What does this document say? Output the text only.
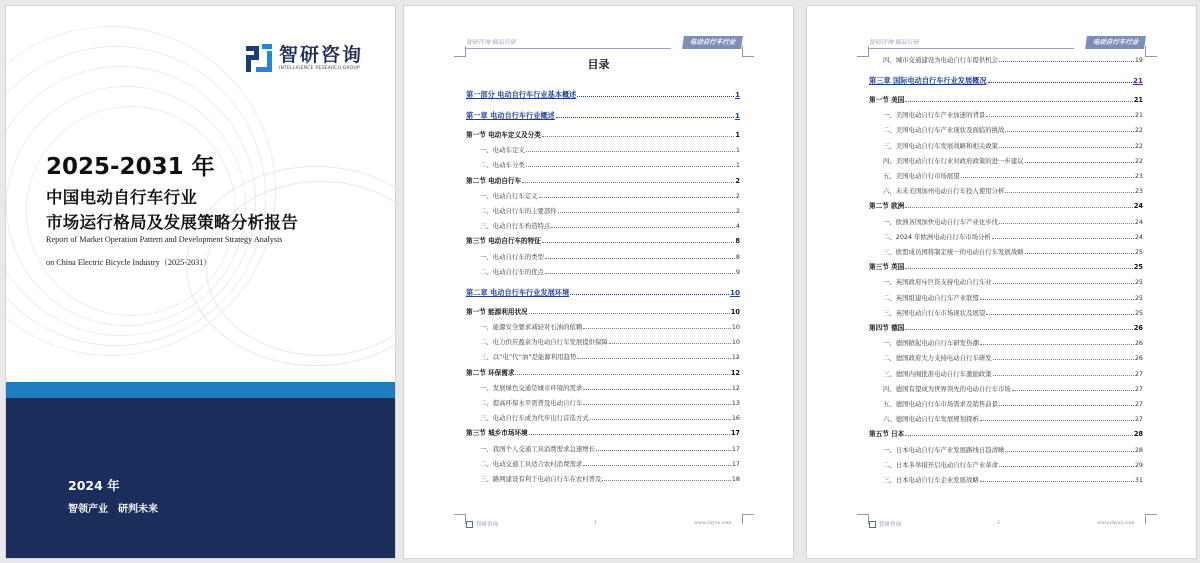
智研咨询
INTELLIGENCE RESEARCH GROUP
2025-2031 年
中国电动自行车行业
市场运行格局及发展策略分析报告
Report of Market Operation Pattern and Development Strategy Analysis
on China Electric Bicycle Industry（2025-2031）
2024 年
智领产业　研判未来
智研咨询·精品行研	电动自行车行业
目录
第一部分 电动自行车行业基本概述	1
第一章 电动自行车行业概述	1
第一节 电动车定义及分类	1
一、电动车定义	1
二、电动车分类	1
第二节 电动自行车	2
一、电动自行车定义	2
二、电动自行车的主要部件	2
三、电动自行车构造特点	4
第三节 电动自行车的特征	8
一、电动自行车的类型	8
二、电动自行车的优点	9
第二章 电动自行车行业发展环境	10
第一节 能源利用状况	10
一、能源安全要求减轻对石油的依赖	10
二、电力供应盈余为电动自行车发展提供保障	10
三、以“电”代“油”是能源利用趋势	12
第二节 环保需求	12
一、发展绿色交通是城市环境的需求	12
二、提高环保水平需普及电动自行车	13
三、电动自行车成为代步出行首选方式	16
第三节 城乡市场环境	17
一、我国个人交通工具消费需求急速增长	17
二、电动交通工具适合农村消费需求	17
三、路网建设有利于电动自行车在农村普及	18
智研咨询	1	www.chyxx.com
智研咨询·精品行研	电动自行车行业
四、城市交通建设为电动自行车提供机会	19
第三章 国际电动自行车行业发展概况	21
第一节 美国	21
一、美国电动自行车产业加速的背景	21
二、美国电动自行车产业现状及面临的挑战	22
三、美国电动自行车发展战略和相关政策	22
四、美国电动自行车行业对政府政策的进一步建议	22
五、美国电动自行市场展望	23
六、未来美国加州电动自行车投入使用分析	23
第二节 欧洲	24
一、欧洲各国加快电动自行车产业化步伐	24
二、2024 年欧洲电动自行车市场分析	24
三、欧盟成员国将制定统一的电动自行车发展战略	25
第三节 英国	25
一、英国政府斥巨资支持电动自行车业	25
二、英国组建电动自行车产业联盟	25
三、英国电动自行车市场现状及展望	25
第四节 德国	26
一、德国掀起电动自行车研发热潮	26
二、德国政府大力支持电动自行车研发	26
三、德国内阁批准电动自行车激励政策	27
四、德国有望成为世界领先的电动自行车市场	27
五、德国电动自行车市场需求及销售前景	27
六、德国电动自行车发展规划探析	27
第五节 日本	28
一、日本电动自行车产业发展路线日趋清晰	28
二、日本多举措开启电动自行车产业革命	29
三、日本电动自行车企业发展战略	31
智研咨询	2	www.chyxx.com
